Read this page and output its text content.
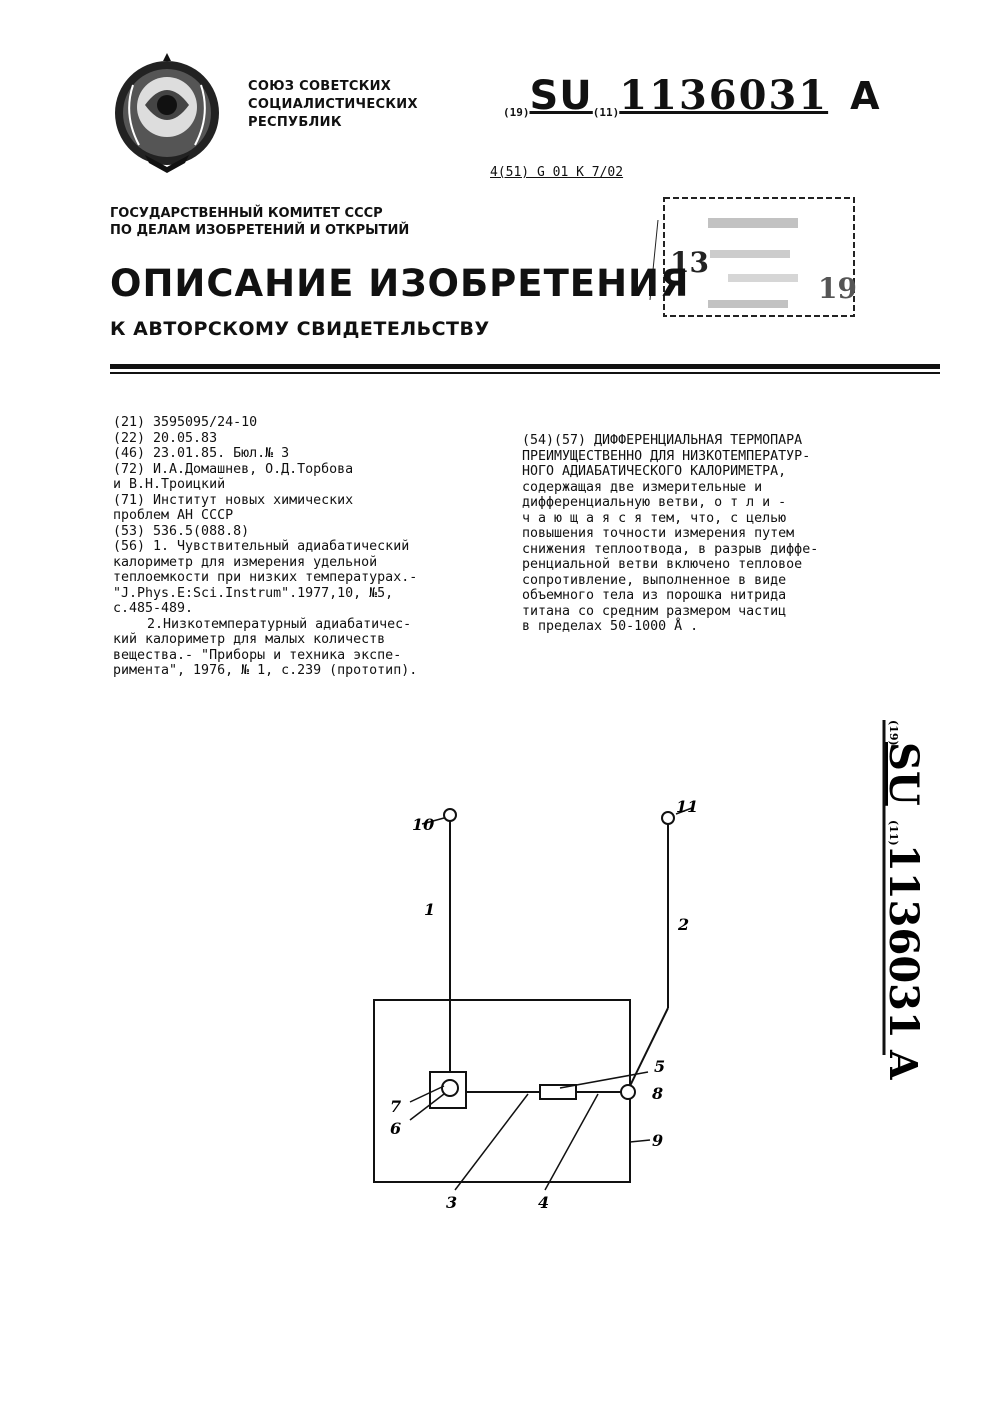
СОЮЗ СОВЕТСКИХ
СОЦИАЛИСТИЧЕСКИХ
РЕСПУБЛИК
(19)SU(11)1136031 A
4(51) G 01 K 7/02
ГОСУДАРСТВЕННЫЙ КОМИТЕТ СССР
ПО ДЕЛАМ ИЗОБРЕТЕНИЙ И ОТКРЫТИЙ
13
19
ОПИСАНИЕ ИЗОБРЕТЕНИЯ
К АВТОРСКОМУ СВИДЕТЕЛЬСТВУ
(21) 3595095/24-10
(22) 20.05.83
(46) 23.01.85. Бюл.№ 3
(72) И.А.Домашнев, О.Д.Торбова
и В.Н.Троицкий
(71) Институт новых химических
проблем АН СССР
(53) 536.5(088.8)
(56) 1. Чувствительный адиабатический
калориметр для измерения удельной
теплоемкости при низких температурах.-
"J.Phys.E:Sci.Instrum".1977,10, №5,
с.485-489.
2.Низкотемпературный адиабатичес-
кий калориметр для малых количеств
вещества.- "Приборы и техника экспе-
римента", 1976, № 1, с.239 (прототип).
(54)(57) ДИФФЕРЕНЦИАЛЬНАЯ ТЕРМОПАРА
ПРЕИМУЩЕСТВЕННО ДЛЯ НИЗКОТЕМПЕРАТУР-
НОГО АДИАБАТИЧЕСКОГО КАЛОРИМЕТРА,
содержащая две измерительные и
дифференциальную ветви, о т л и -
ч а ю щ а я с я тем, что, с целью
повышения точности измерения путем
снижения теплоотвода, в разрыв диффе-
ренциальной ветви включено тепловое
сопротивление, выполненное в виде
объемного тела из порошка нитрида
титана со средним размером частиц
в пределах 50-1000 Å .
(19)
SU
(11)
1136031
A
10
11
1
2
5
8
7
6
9
3	4
